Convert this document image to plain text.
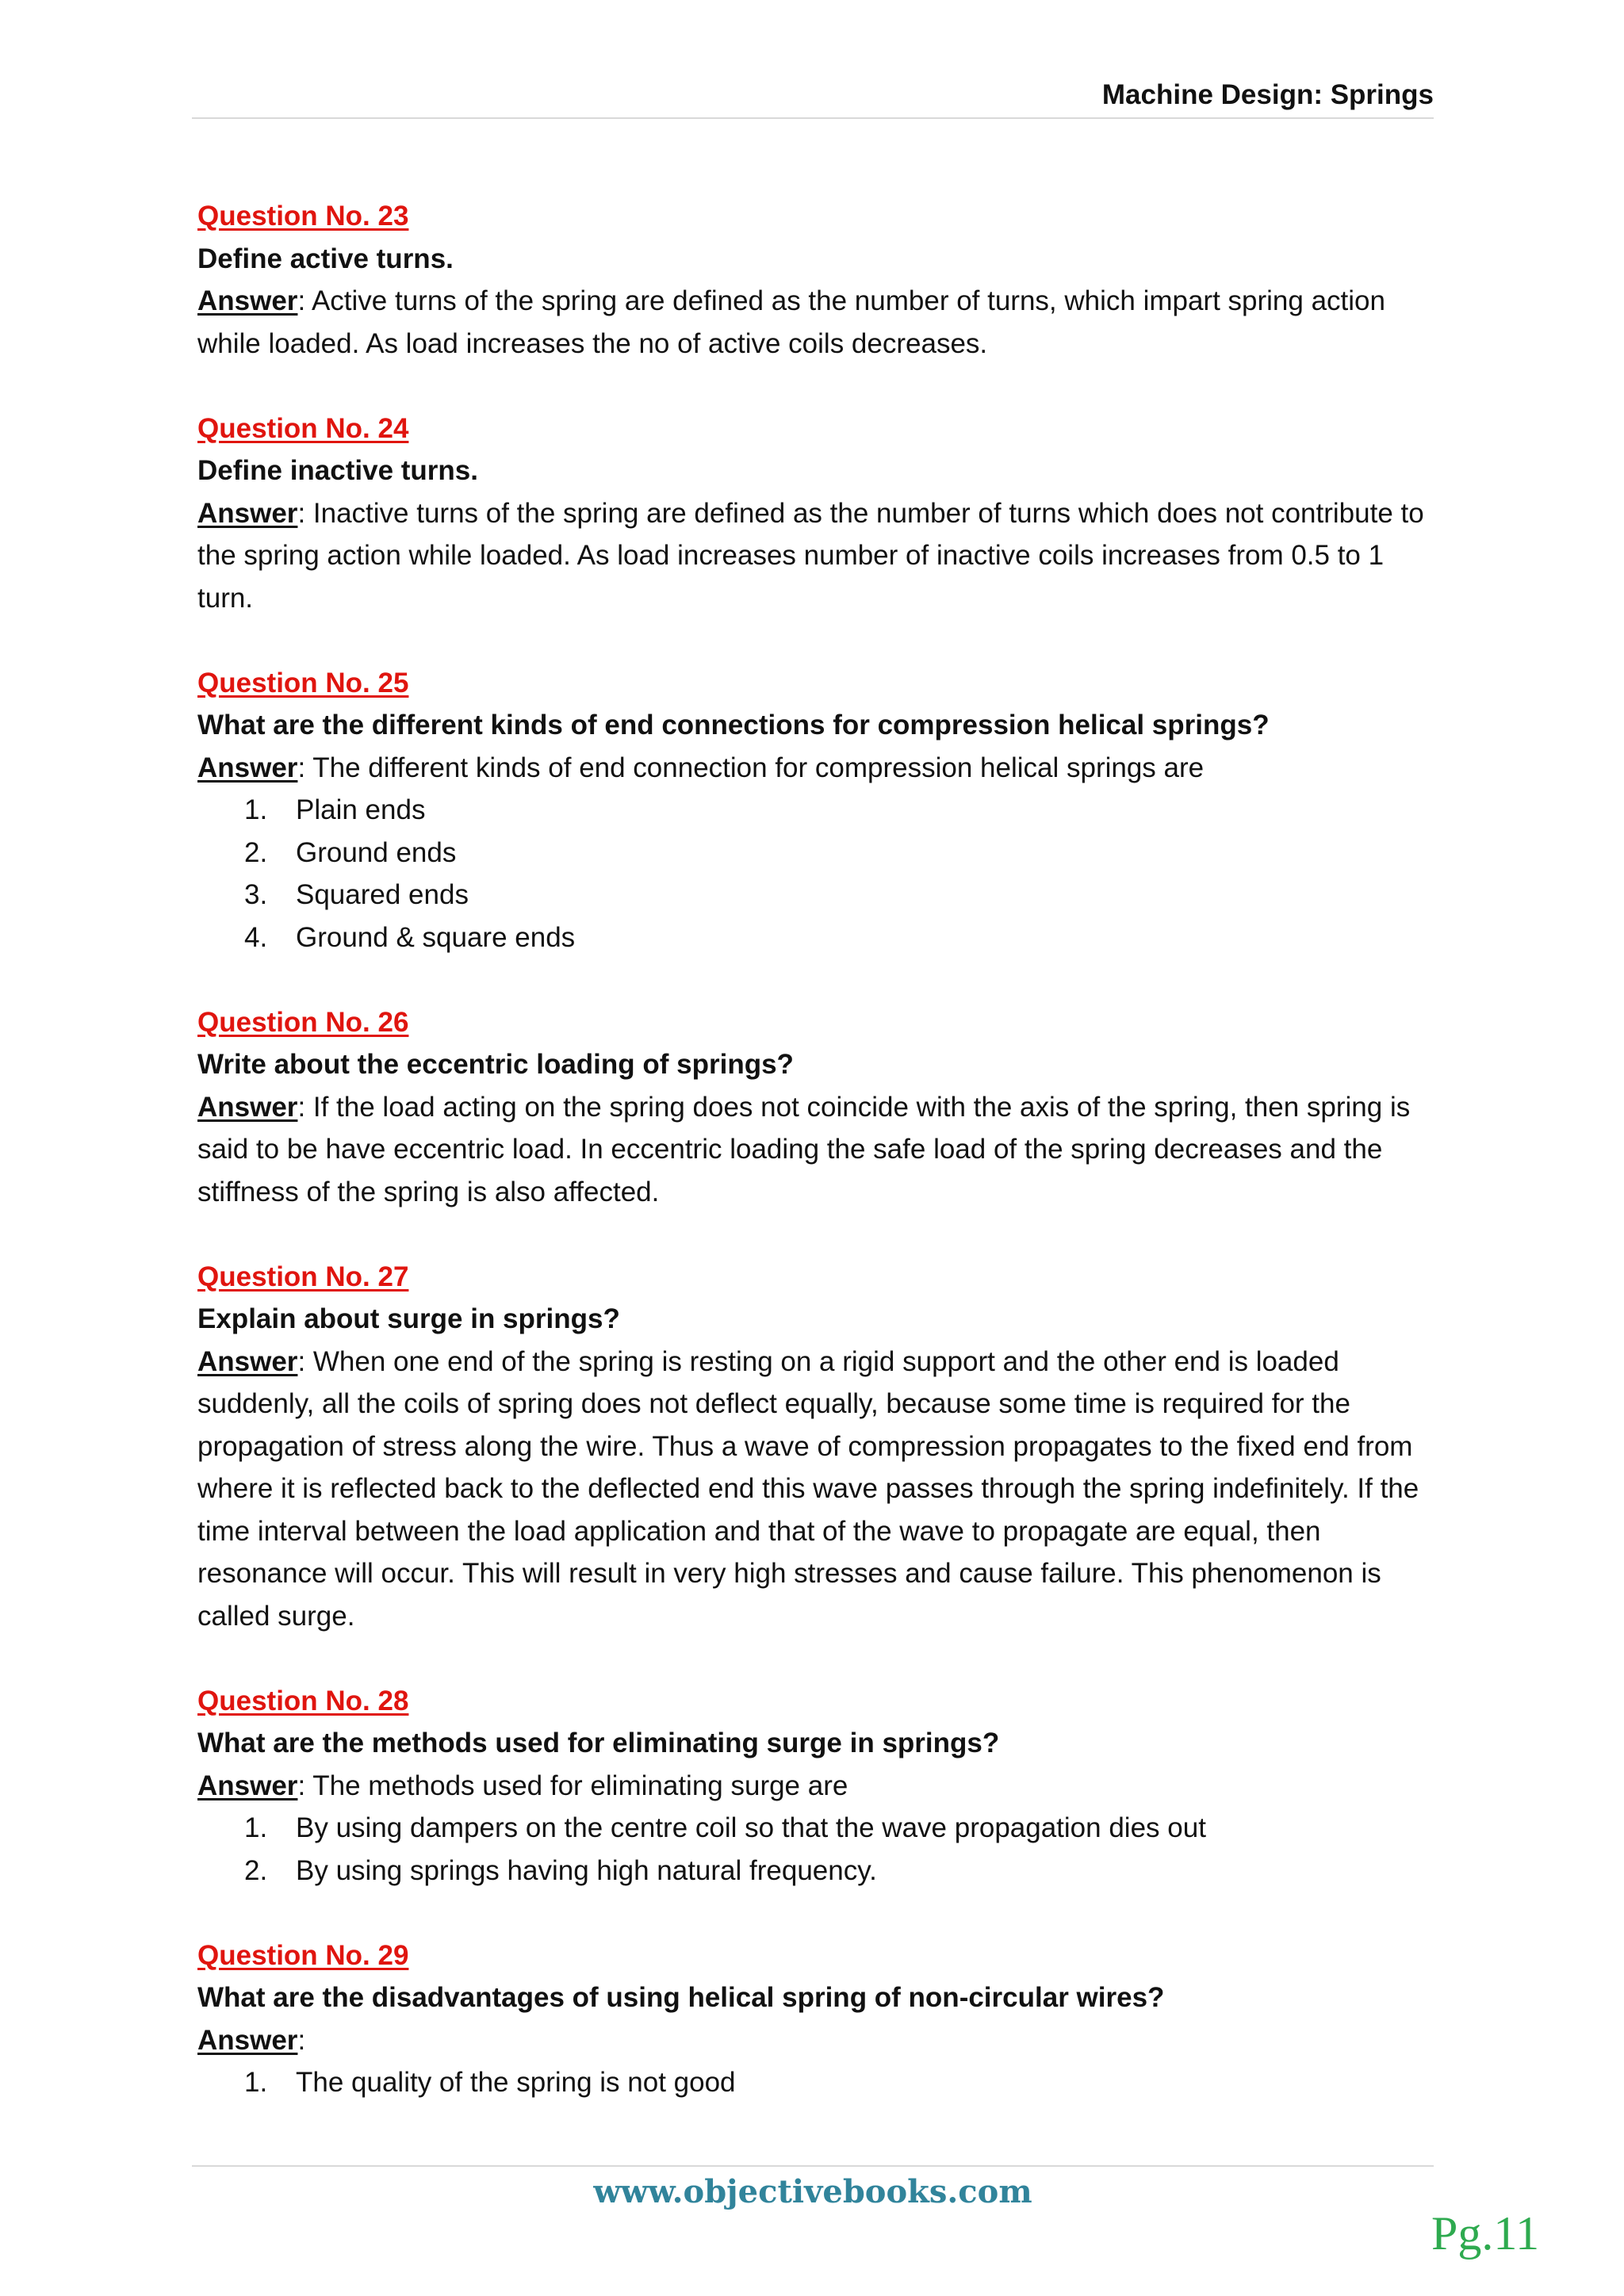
Machine Design: Springs
Question No. 23
Define active turns.
Answer: Active turns of the spring are defined as the number of turns, which impart spring action while loaded. As load increases the no of active coils decreases.
Question No. 24
Define inactive turns.
Answer: Inactive turns of the spring are defined as the number of turns which does not contribute to the spring action while loaded. As load increases number of inactive coils increases from 0.5 to 1 turn.
Question No. 25
What are the different kinds of end connections for compression helical springs?
Answer: The different kinds of end connection for compression helical springs are
1. Plain ends
2. Ground ends
3. Squared ends
4. Ground & square ends
Question No. 26
Write about the eccentric loading of springs?
Answer: If the load acting on the spring does not coincide with the axis of the spring, then spring is said to be have eccentric load. In eccentric loading the safe load of the spring decreases and the stiffness of the spring is also affected.
Question No. 27
Explain about surge in springs?
Answer: When one end of the spring is resting on a rigid support and the other end is loaded suddenly, all the coils of spring does not deflect equally, because some time is required for the propagation of stress along the wire. Thus a wave of compression propagates to the fixed end from where it is reflected back to the deflected end this wave passes through the spring indefinitely. If the time interval between the load application and that of the wave to propagate are equal, then resonance will occur. This will result in very high stresses and cause failure. This phenomenon is called surge.
Question No. 28
What are the methods used for eliminating surge in springs?
Answer: The methods used for eliminating surge are
1. By using dampers on the centre coil so that the wave propagation dies out
2. By using springs having high natural frequency.
Question No. 29
What are the disadvantages of using helical spring of non-circular wires?
Answer:
1. The quality of the spring is not good
www.objectivebooks.com
Pg.11
